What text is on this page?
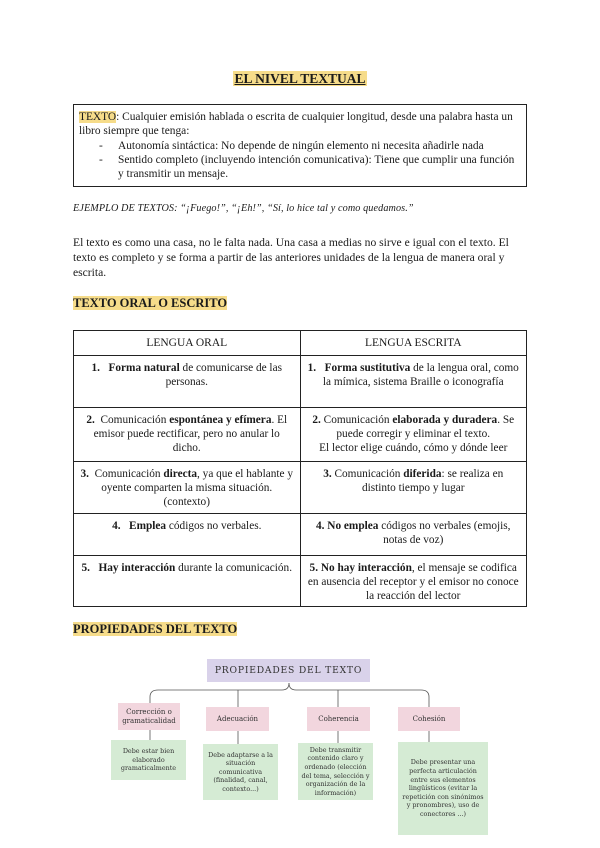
EL NIVEL TEXTUAL
TEXTO: Cualquier emisión hablada o escrita de cualquier longitud, desde una palabra hasta un libro siempre que tenga:
- Autonomía sintáctica: No depende de ningún elemento ni necesita añadirle nada
- Sentido completo (incluyendo intención comunicativa): Tiene que cumplir una función y transmitir un mensaje.
EJEMPLO DE TEXTOS: “¡Fuego!”, “¡Eh!”, “Sí, lo hice tal y como quedamos.”
El texto es como una casa, no le falta nada. Una casa a medias no sirve e igual con el texto. El texto es completo y se forma a partir de las anteriores unidades de la lengua de manera oral y escrita.
TEXTO ORAL O ESCRITO
LENGUA ORAL	LENGUA ESCRITA
1. Forma natural de comunicarse de las personas.	1. Forma sustitutiva de la lengua oral, como la mímica, sistema Braille o iconografía
2. Comunicación espontánea y efímera. El emisor puede rectificar, pero no anular lo dicho.	2. Comunicación elaborada y duradera. Se puede corregir y eliminar el texto.
El lector elige cuándo, cómo y dónde leer
3. Comunicación directa, ya que el hablante y oyente comparten la misma situación. (contexto)	3. Comunicación diferida: se realiza en distinto tiempo y lugar
4. Emplea códigos no verbales.	4. No emplea códigos no verbales (emojis, notas de voz)
5. Hay interacción durante la comunicación.	5. No hay interacción, el mensaje se codifica en ausencia del receptor y el emisor no conoce la reacción del lector
PROPIEDADES DEL TEXTO
PROPIEDADES DEL TEXTO
Corrección o gramaticalidad	Adecuación	Coherencia	Cohesión
Debe estar bien elaborado gramaticalmente
Debe adaptarse a la situación comunicativa (finalidad, canal, contexto...)
Debe transmitir contenido claro y ordenado (elección del tema, selección y organización de la información)
Debe presentar una perfecta articulación entre sus elementos lingüísticos (evitar la repetición con sinónimos y pronombres), uso de conectores ...)
